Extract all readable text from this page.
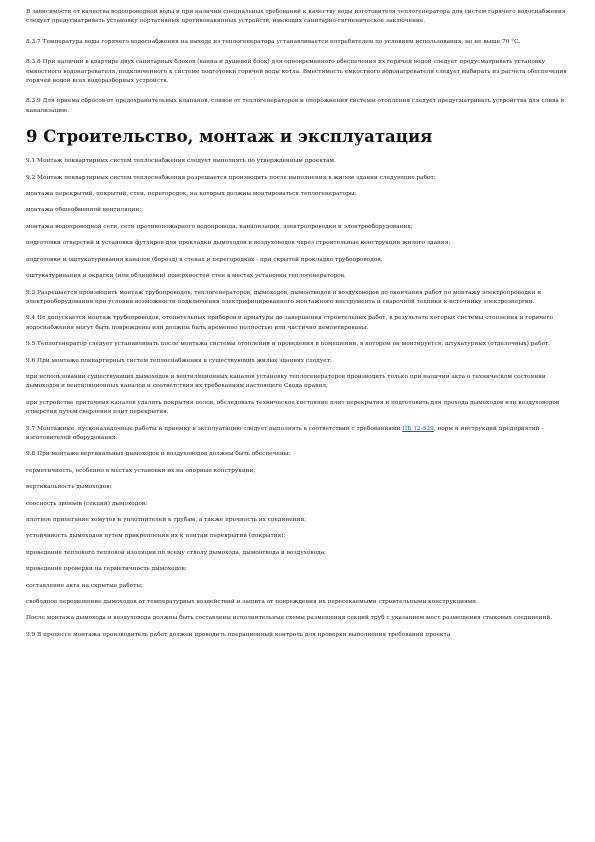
В зависимости от качества водопроводной воды и при наличии специальных требований к качеству воды изготовителя теплогенератора для систем горячего водоснабжения следует предусматривать установку портативных противонакипных устройств, имеющих санитарно-гигиеническое заключение.

8.3.7 Температура воды горячего водоснабжения на выходе из теплогенератора устанавливается потребителем по условиям использования, но не выше 70 °С.

8.3.8 При наличии в квартире двух санитарных блоков (ванна и душевой блок) для одновременного обеспечения их горячей водой следует предусматривать установку емкостного водонагревателя, подключенного к системе подготовки горячей воды котла. Вместимость емкостного водонагревателя следует выбирать из расчета обеспечения горячей водой всех водоразборных устройств.

8.3.9 Для приема сбросов от предохранительных клапанов, сливов от теплогенераторов и опорожнения системы отопления следует предусматривать устройства для слива в канализацию.

9 Строительство, монтаж и эксплуатация

9.1 Монтаж поквартирных систем теплоснабжения следует выполнять по утвержденным проектам.

9.2 Монтаж поквартирных систем теплоснабжения разрешается производить после выполнения в жилом здании следующих работ:

монтажа перекрытий, покрытий, стен, перегородок, на которых должны монтироваться теплогенераторы;

монтажа общеобменной вентиляции;

монтажа водопроводной сети, сети противопожарного водопровода, канализации, электропроводки и электрооборудования;

подготовки отверстий и установки футляров для прокладки дымоходов и воздуховодов через строительные конструкции жилого здания;

подготовки и оштукатуривания каналов (борозд) в стенах и перегородках - при скрытой прокладке трубопроводов;

оштукатуривания и окраски (или облицовки) поверхностей стен в местах установки теплогенераторов.

9.3 Разрешается производить монтаж трубопроводов, теплогенераторов, дымоходов, дымоотводов и воздуховодов до окончания работ по монтажу электропроводки и электрооборудования при условии возможности подключения электрифицированного монтажного инструмента и сварочной техники к источнику электроэнергии.

9.4 Не допускается монтаж трубопроводов, отопительных приборов и арматуры до завершения строительных работ, в результате которых системы отопления и горячего водоснабжения могут быть повреждены или должны быть временно полностью или частично демонтированы.

9.5 Теплогенератор следует устанавливать после монтажа системы отопления и проведения в помещении, в котором он монтируется, штукатурных (отделочных) работ.

9.6 При монтаже поквартирных систем теплоснабжения в существующих жилых зданиях следует:

при использовании существующих дымоходов и вентиляционных каналов установку теплогенераторов производить только при наличии акта о техническом состоянии дымоходов и вентиляционных каналов и соответствия их требованиям настоящего Свода правил;

при устройстве приточных каналов удалять покрытия полов, обследовать техническое состояние плит перекрытия и подготовить для прохода дымоходов или воздуховодов отверстия путем сверления плит перекрытия.

9.7 Монтажные, пусконаладочные работы и приемку в эксплуатацию следует выполнять в соответствии с требованиями ПБ 12-529, норм и инструкций предприятий - изготовителей оборудования.

9.8 При монтаже вертикальных дымоходов и воздуховодов должны быть обеспечены:

герметичность, особенно в местах установки их на опорные конструкции;

вертикальность дымоходов;

соосность звеньев (секций) дымоходов;

плотное прилегание хомутов и уплотнителей к трубам, а также прочность их соединений;

устойчивость дымоходов путем прикрепления их к плитам перекрытий (покрытия);

проведение теплового тепловой изоляции по всему стволу дымохода, дымоотвода и воздуховода;

проведение проверки на герметичность дымоходов;

составление акта на скрытые работы;

свободное перемещение дымоходов от температурных воздействий и защита от повреждения их пересекаемыми строительными конструкциями.

После монтажа дымохода и воздуховода должны быть составлены исполнительные схемы размещения секций труб с указанием мест размещения стыковых соединений.

9.9 В процессе монтажа производитель работ должен проводить операционный контроль для проверки выполнения требований проекта
